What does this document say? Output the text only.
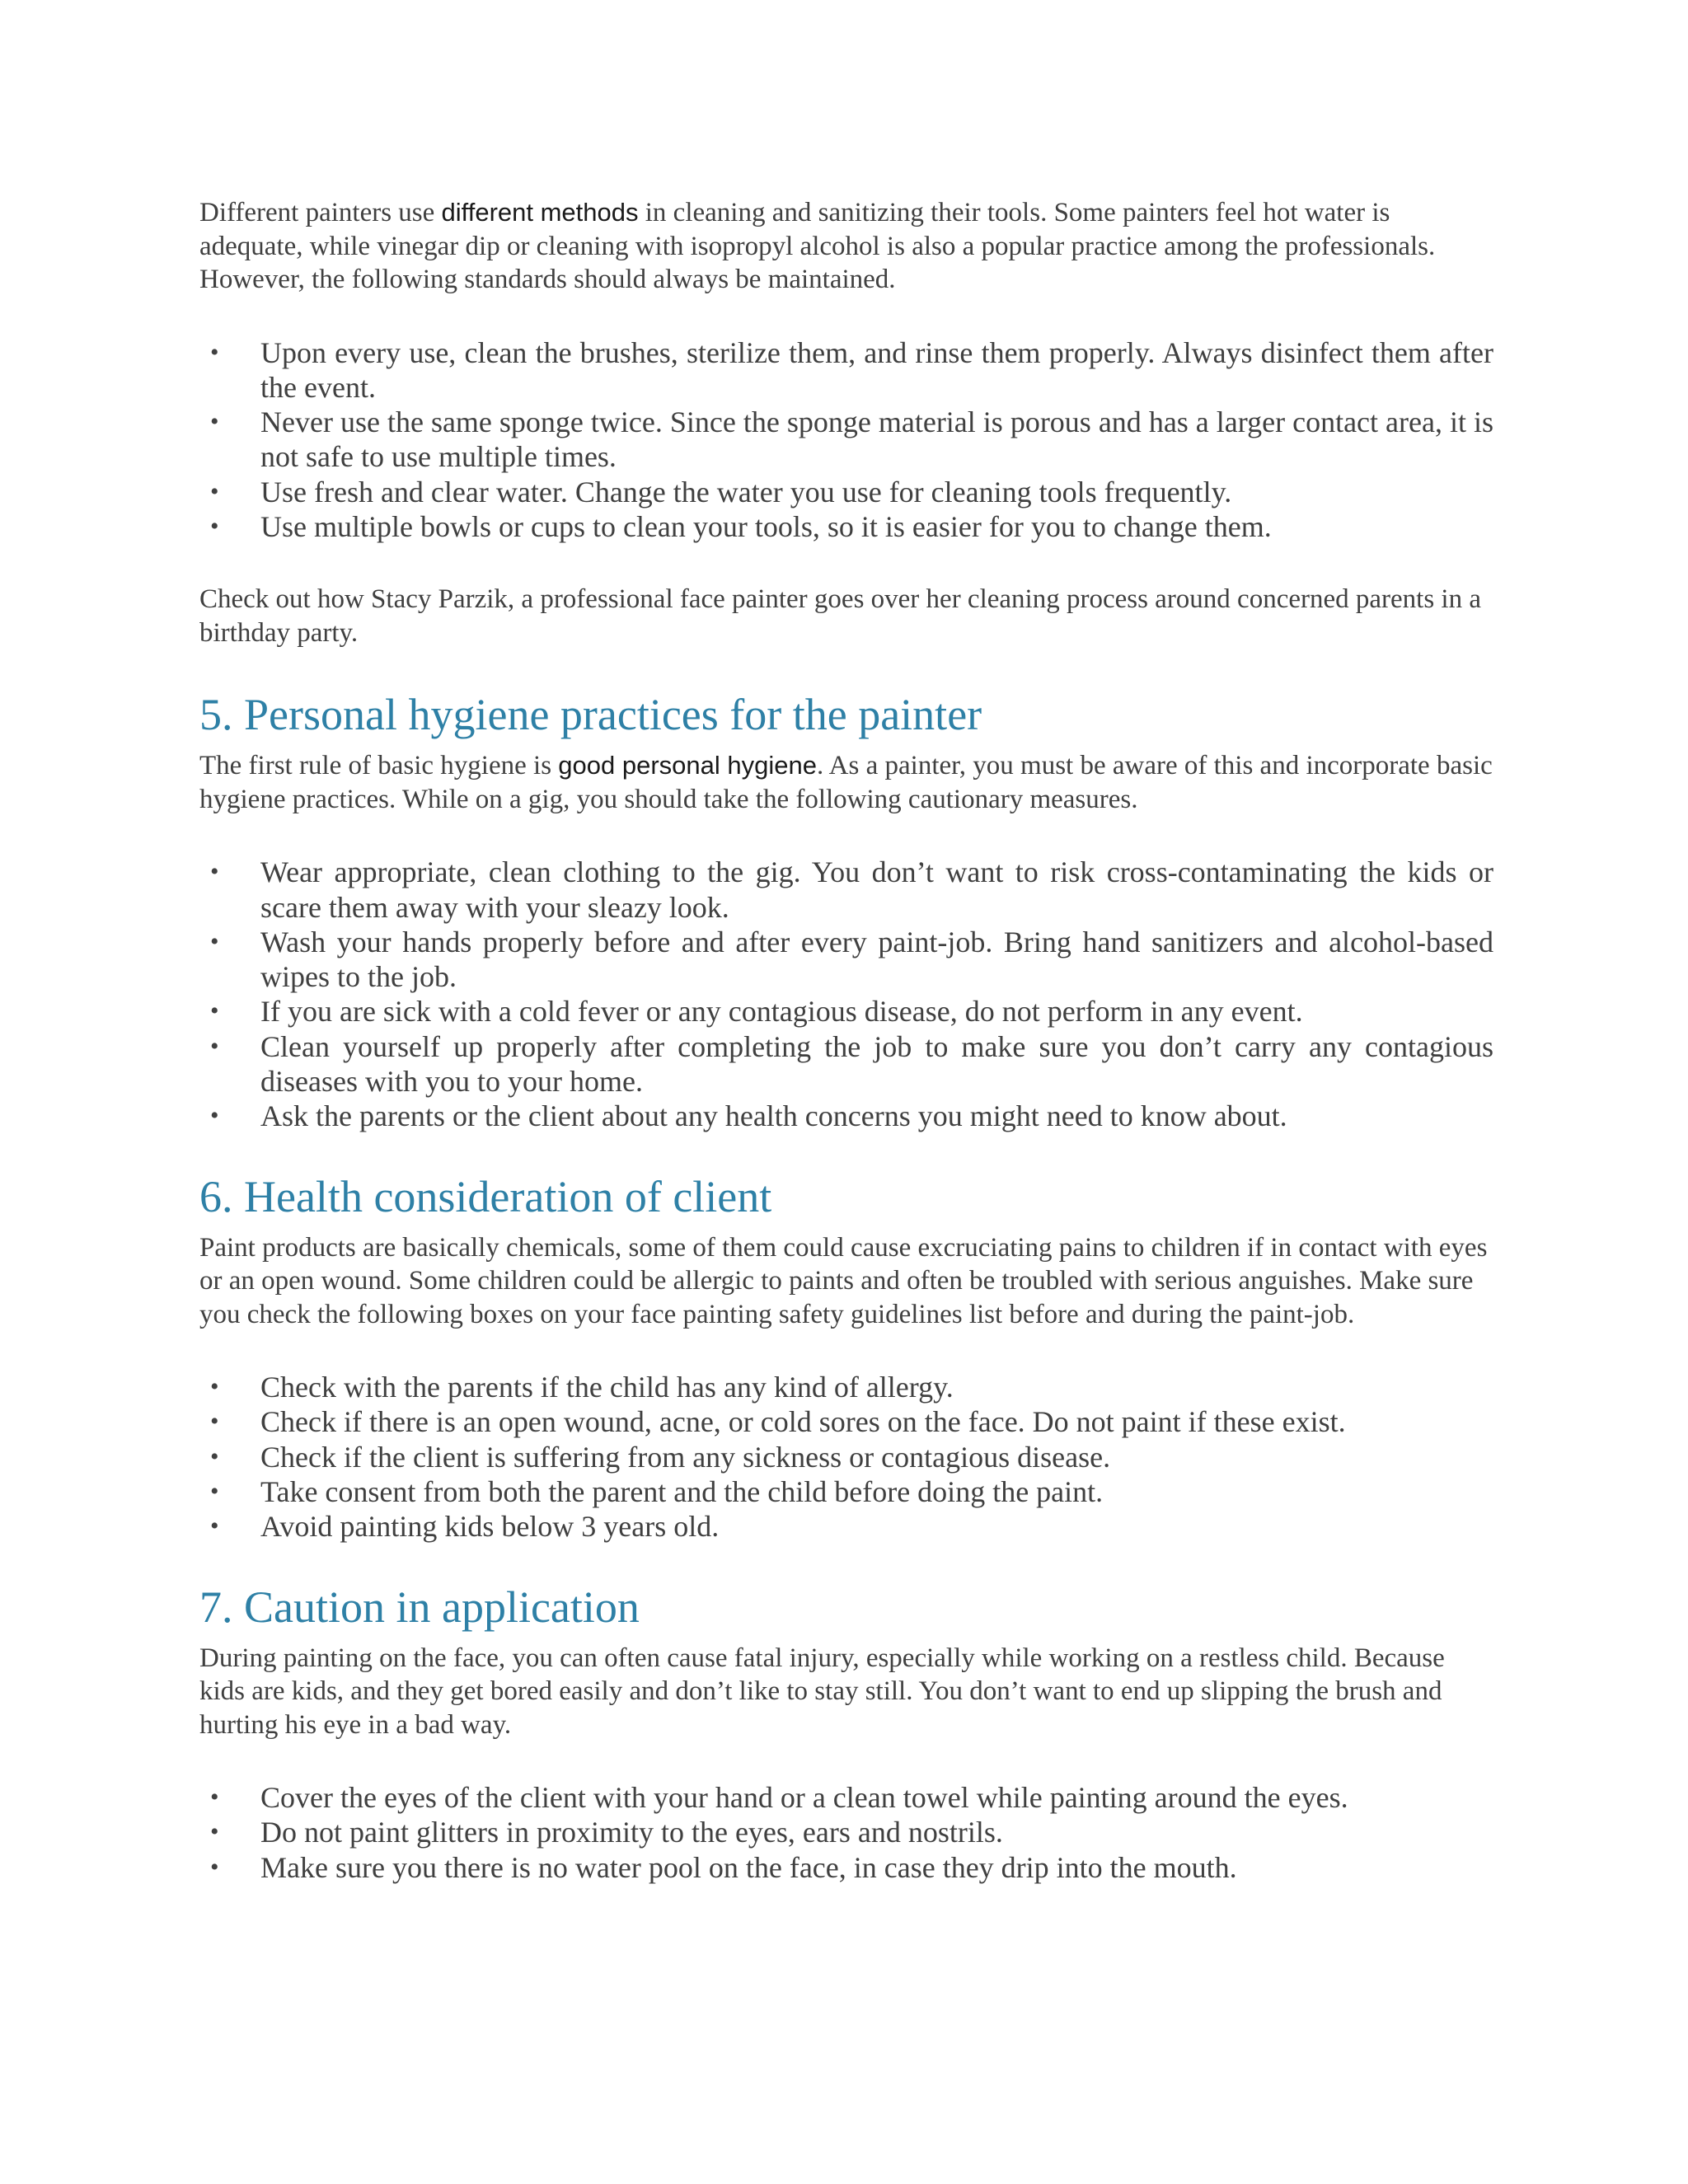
Different painters use different methods in cleaning and sanitizing their tools. Some painters feel hot water is adequate, while vinegar dip or cleaning with isopropyl alcohol is also a popular practice among the professionals. However, the following standards should always be maintained.

• Upon every use, clean the brushes, sterilize them, and rinse them properly. Always disinfect them after the event.
• Never use the same sponge twice. Since the sponge material is porous and has a larger contact area, it is not safe to use multiple times.
• Use fresh and clear water. Change the water you use for cleaning tools frequently.
• Use multiple bowls or cups to clean your tools, so it is easier for you to change them.

Check out how Stacy Parzik, a professional face painter goes over her cleaning process around concerned parents in a birthday party.

5. Personal hygiene practices for the painter

The first rule of basic hygiene is good personal hygiene. As a painter, you must be aware of this and incorporate basic hygiene practices. While on a gig, you should take the following cautionary measures.

• Wear appropriate, clean clothing to the gig. You don’t want to risk cross-contaminating the kids or scare them away with your sleazy look.
• Wash your hands properly before and after every paint-job. Bring hand sanitizers and alcohol-based wipes to the job.
• If you are sick with a cold fever or any contagious disease, do not perform in any event.
• Clean yourself up properly after completing the job to make sure you don’t carry any contagious diseases with you to your home.
• Ask the parents or the client about any health concerns you might need to know about.
6. Health consideration of client

Paint products are basically chemicals, some of them could cause excruciating pains to children if in contact with eyes or an open wound. Some children could be allergic to paints and often be troubled with serious anguishes. Make sure you check the following boxes on your face painting safety guidelines list before and during the paint-job.

• Check with the parents if the child has any kind of allergy.
• Check if there is an open wound, acne, or cold sores on the face. Do not paint if these exist.
• Check if the client is suffering from any sickness or contagious disease.
• Take consent from both the parent and the child before doing the paint.
• Avoid painting kids below 3 years old.
7. Caution in application

During painting on the face, you can often cause fatal injury, especially while working on a restless child. Because kids are kids, and they get bored easily and don’t like to stay still. You don’t want to end up slipping the brush and hurting his eye in a bad way.

• Cover the eyes of the client with your hand or a clean towel while painting around the eyes.
• Do not paint glitters in proximity to the eyes, ears and nostrils.
• Make sure you there is no water pool on the face, in case they drip into the mouth.
